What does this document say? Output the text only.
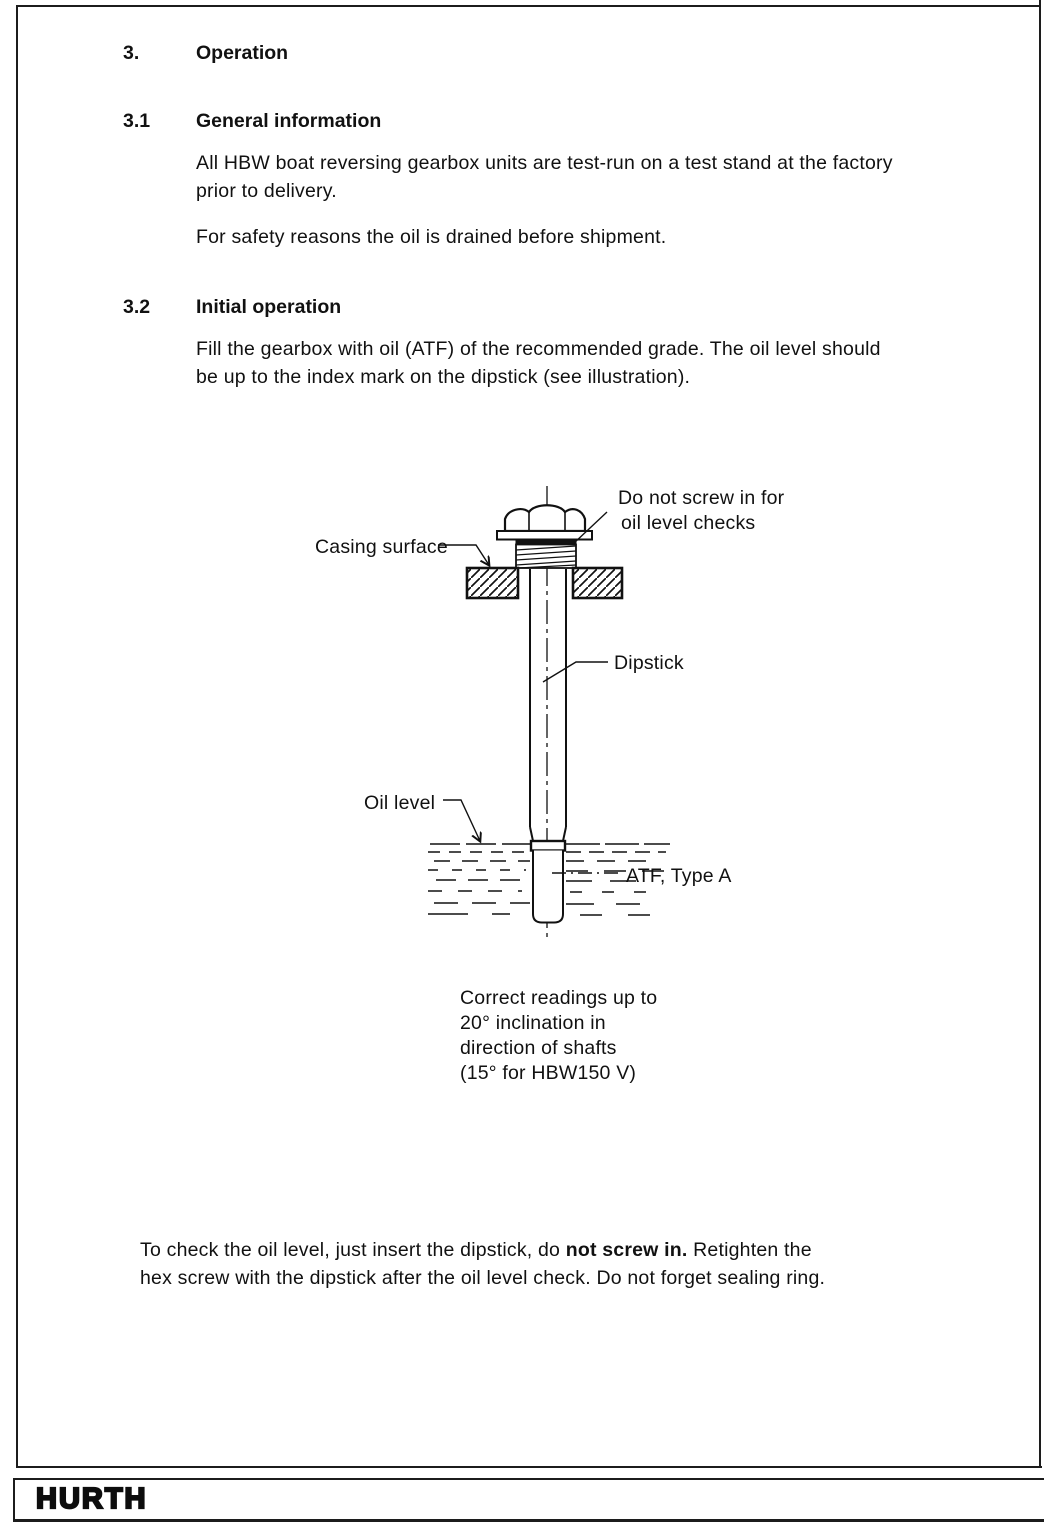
3.	Operation
3.1 General information
All HBW boat reversing gearbox units are test-run on a test stand at the factory
prior to delivery.
For safety reasons the oil is drained before shipment.
3.2 Initial operation
Fill the gearbox with oil (ATF) of the recommended grade. The oil level should
be up to the index mark on the dipstick (see illustration).
Casing surface
Do not screw in for
oil level checks
Dipstick
Oil level
ATF, Type A
Correct readings up to
20° inclination in
direction of shafts
(15° for HBW150 V)
To check the oil level, just insert the dipstick, do not screw in. Retighten the
hex screw with the dipstick after the oil level check. Do not forget sealing ring.
HURTH
